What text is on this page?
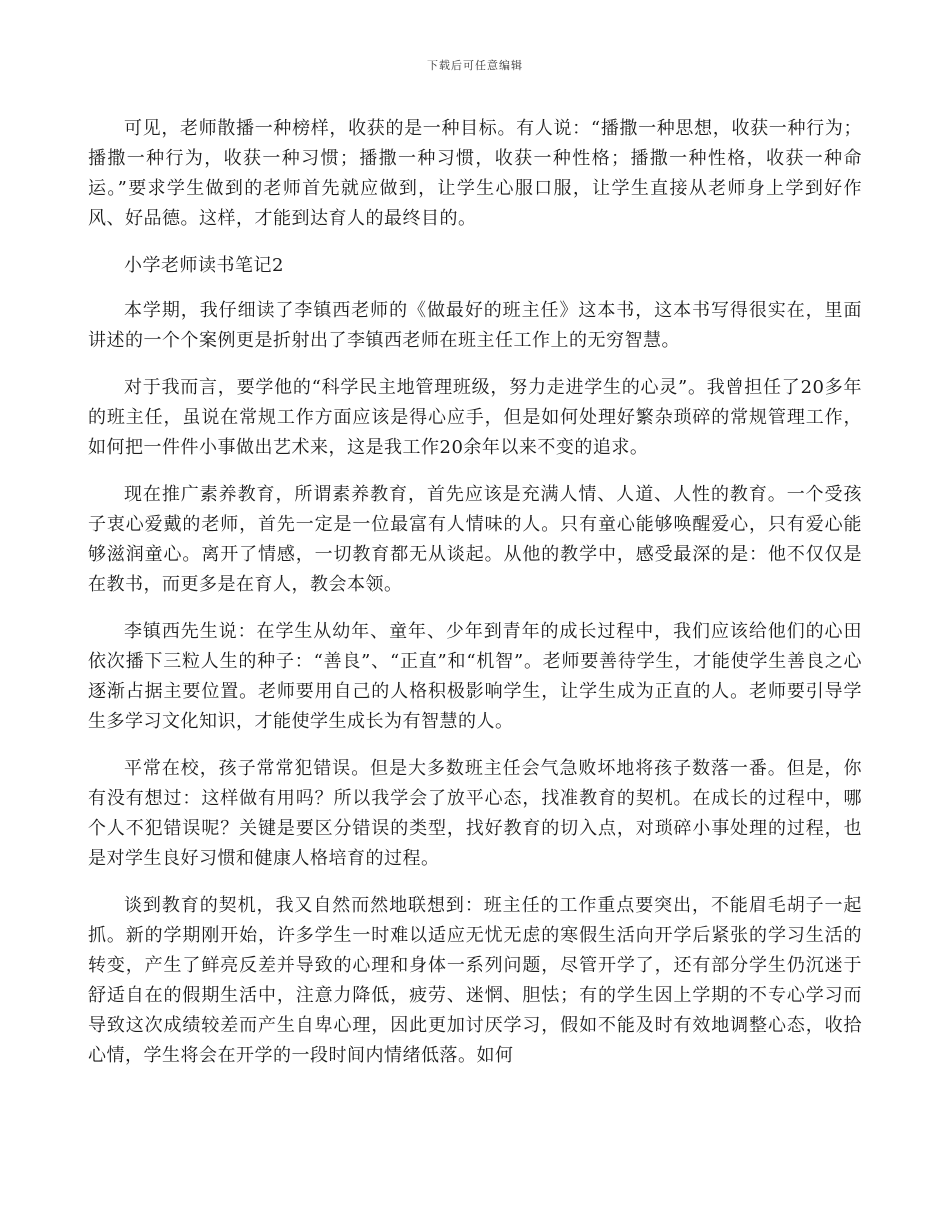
下载后可任意编辑

可见，老师散播一种榜样，收获的是一种目标。有人说：“播撒一种思想，收获一种行为；播撒一种行为，收获一种习惯；播撒一种习惯，收获一种性格；播撒一种性格，收获一种命运。”要求学生做到的老师首先就应做到，让学生心服口服，让学生直接从老师身上学到好作风、好品德。这样，才能到达育人的最终目的。

小学老师读书笔记2

本学期，我仔细读了李镇西老师的《做最好的班主任》这本书，这本书写得很实在，里面讲述的一个个案例更是折射出了李镇西老师在班主任工作上的无穷智慧。

对于我而言，要学他的“科学民主地管理班级，努力走进学生的心灵”。我曾担任了20多年的班主任，虽说在常规工作方面应该是得心应手，但是如何处理好繁杂琐碎的常规管理工作，如何把一件件小事做出艺术来，这是我工作20余年以来不变的追求。

现在推广素养教育，所谓素养教育，首先应该是充满人情、人道、人性的教育。一个受孩子衷心爱戴的老师，首先一定是一位最富有人情味的人。只有童心能够唤醒爱心，只有爱心能够滋润童心。离开了情感，一切教育都无从谈起。从他的教学中，感受最深的是：他不仅仅是在教书，而更多是在育人，教会本领。

李镇西先生说：在学生从幼年、童年、少年到青年的成长过程中，我们应该给他们的心田依次播下三粒人生的种子：“善良”、“正直”和“机智”。老师要善待学生，才能使学生善良之心逐渐占据主要位置。老师要用自己的人格积极影响学生，让学生成为正直的人。老师要引导学生多学习文化知识，才能使学生成长为有智慧的人。

平常在校，孩子常常犯错误。但是大多数班主任会气急败坏地将孩子数落一番。但是，你有没有想过：这样做有用吗？所以我学会了放平心态，找准教育的契机。在成长的过程中，哪个人不犯错误呢？关键是要区分错误的类型，找好教育的切入点，对琐碎小事处理的过程，也是对学生良好习惯和健康人格培育的过程。

谈到教育的契机，我又自然而然地联想到：班主任的工作重点要突出，不能眉毛胡子一起抓。新的学期刚开始，许多学生一时难以适应无忧无虑的寒假生活向开学后紧张的学习生活的转变，产生了鲜亮反差并导致的心理和身体一系列问题，尽管开学了，还有部分学生仍沉迷于舒适自在的假期生活中，注意力降低，疲劳、迷惘、胆怯；有的学生因上学期的不专心学习而导致这次成绩较差而产生自卑心理，因此更加讨厌学习，假如不能及时有效地调整心态，收拾心情，学生将会在开学的一段时间内情绪低落。如何
